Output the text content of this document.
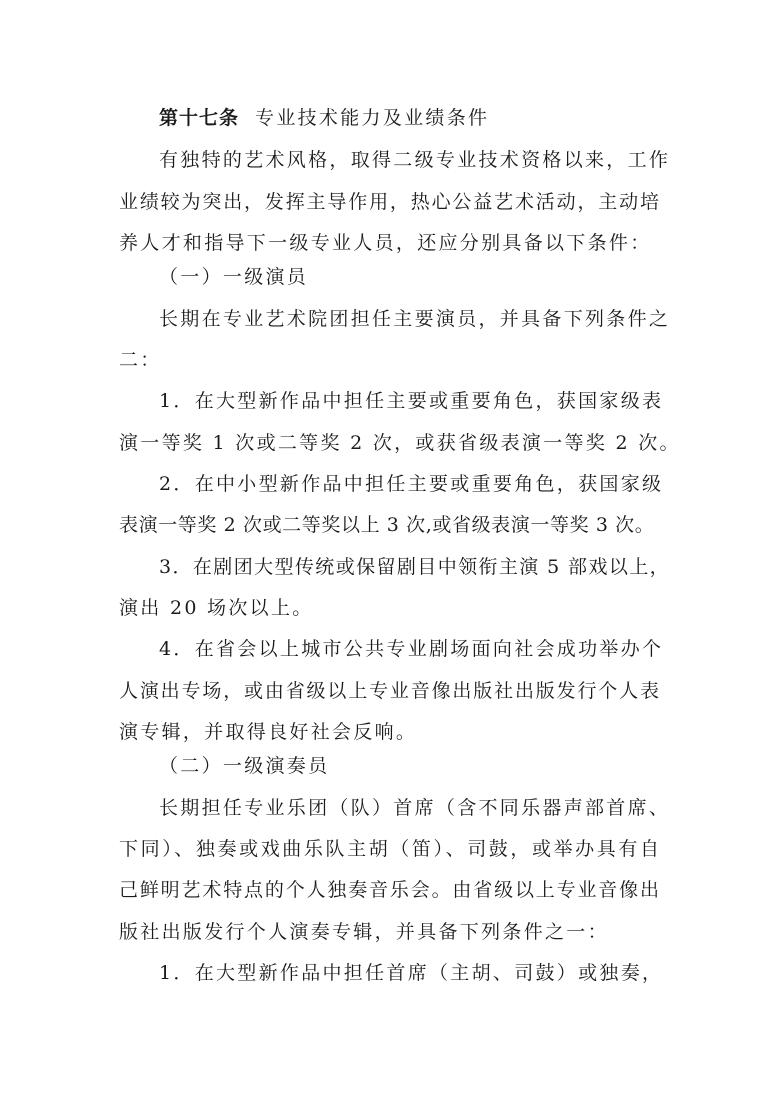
第十七条 专业技术能力及业绩条件
有独特的艺术风格，取得二级专业技术资格以来，工作
业绩较为突出，发挥主导作用，热心公益艺术活动，主动培
养人才和指导下一级专业人员，还应分别具备以下条件：
（一）一级演员
长期在专业艺术院团担任主要演员，并具备下列条件之
二：
1．在大型新作品中担任主要或重要角色，获国家级表
演一等奖 1 次或二等奖 2 次，或获省级表演一等奖 2 次。
2．在中小型新作品中担任主要或重要角色，获国家级
表演一等奖 2 次或二等奖以上 3 次,或省级表演一等奖 3 次。
3．在剧团大型传统或保留剧目中领衔主演 5 部戏以上，
演出 20 场次以上。
4．在省会以上城市公共专业剧场面向社会成功举办个
人演出专场，或由省级以上专业音像出版社出版发行个人表
演专辑，并取得良好社会反响。
（二）一级演奏员
长期担任专业乐团（队）首席（含不同乐器声部首席、
下同）、独奏或戏曲乐队主胡（笛）、司鼓，或举办具有自
己鲜明艺术特点的个人独奏音乐会。由省级以上专业音像出
版社出版发行个人演奏专辑，并具备下列条件之一：
1．在大型新作品中担任首席（主胡、司鼓）或独奏，
